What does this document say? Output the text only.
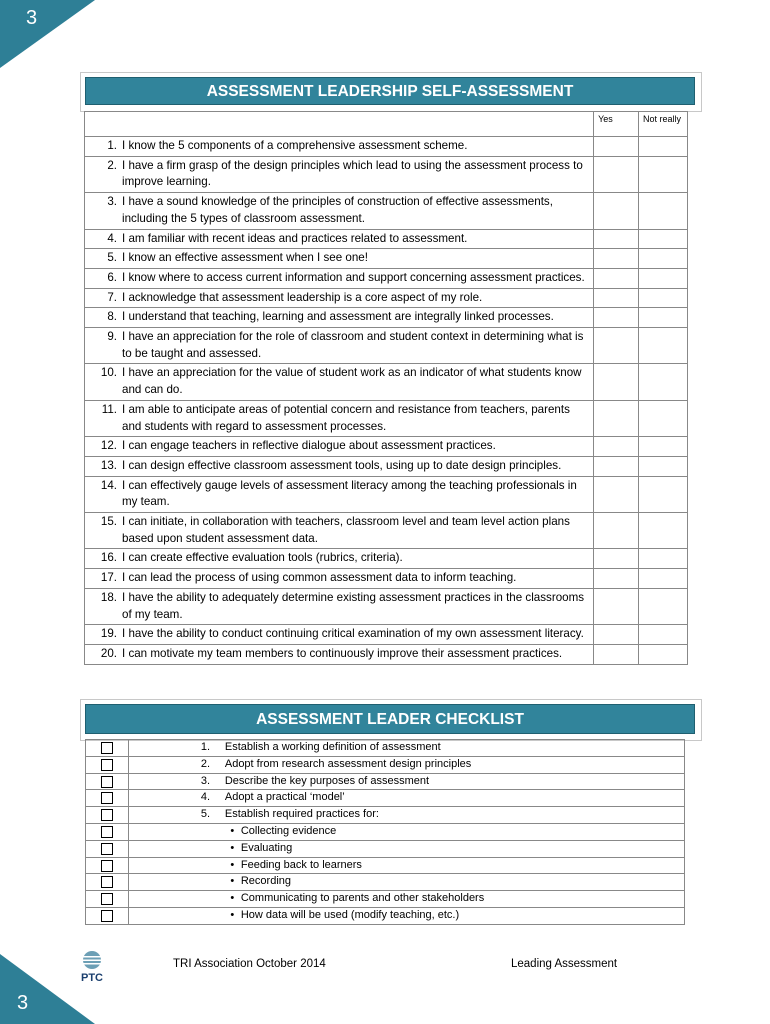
3
3
ASSESSMENT LEADERSHIP SELF-ASSESSMENT
	Yes	Not really

1. I know the 5 components of a comprehensive assessment scheme.		

2. I have a firm grasp of the design principles which lead to using the assessment process to improve learning.		

3. I have a sound knowledge of the principles of construction of effective assessments, including the 5 types of classroom assessment.		

4. I am familiar with recent ideas and practices related to assessment.		

5. I know an effective assessment when I see one!		

6. I know where to access current information and support concerning assessment practices.		

7. I acknowledge that assessment leadership is a core aspect of my role.		

8. I understand that teaching, learning and assessment are integrally linked processes.		

9. I have an appreciation for the role of classroom and student context in determining what is to be taught and assessed.		

10. I have an appreciation for the value of student work as an indicator of what students know and can do.		

11. I am able to anticipate areas of potential concern and resistance from teachers, parents and students with regard to assessment processes.		

12. I can engage teachers in reflective dialogue about assessment practices.		

13. I can design effective classroom assessment tools, using up to date design principles.		

14. I can effectively gauge levels of assessment literacy among the teaching professionals in my team.		

15. I can initiate, in collaboration with teachers, classroom level and team level action plans based upon student assessment data.		

16. I can create effective evaluation tools (rubrics, criteria).		

17. I can lead the process of using common assessment data to inform teaching.		

18. I have the ability to adequately determine existing assessment practices in the classrooms of my team.		

19. I have the ability to conduct continuing critical examination of my own assessment literacy.		

20. I can motivate my team members to continuously improve their assessment practices.		

ASSESSMENT LEADER CHECKLIST
	1. Establish a working definition of assessment
	2. Adopt from research assessment design principles
	3. Describe the key purposes of assessment
	4. Adopt a practical ‘model’
	5. Establish required practices for:
	• Collecting evidence
	• Evaluating
	• Feeding back to learners
	• Recording
	• Communicating to parents and other stakeholders
	• How data will be used (modify teaching, etc.)
PTC
TRI Association October 2014	Leading Assessment
